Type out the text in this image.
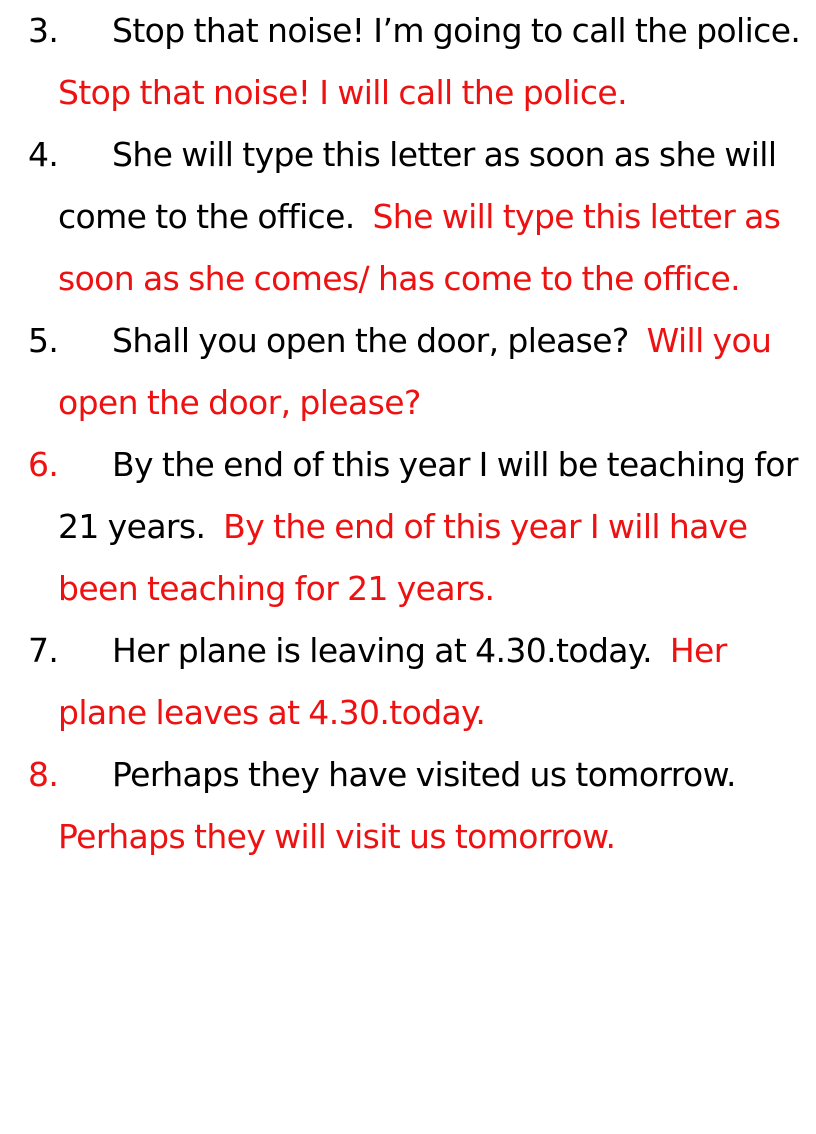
3.	Stop that noise! I’m going to call the police. Stop that noise! I will call the police.
4.	She will type this letter as soon as she will come to the office. She will type this letter as soon as she comes/ has come to the office.
5.	Shall you open the door, please? Will you open the door, please?
6.	By the end of this year I will be teaching for 21 years. By the end of this year I will have been teaching for 21 years.
7.	Her plane is leaving at 4.30.today. Her plane leaves at 4.30.today.
8.	Perhaps they have visited us tomorrow.  Perhaps they will visit us tomorrow.
